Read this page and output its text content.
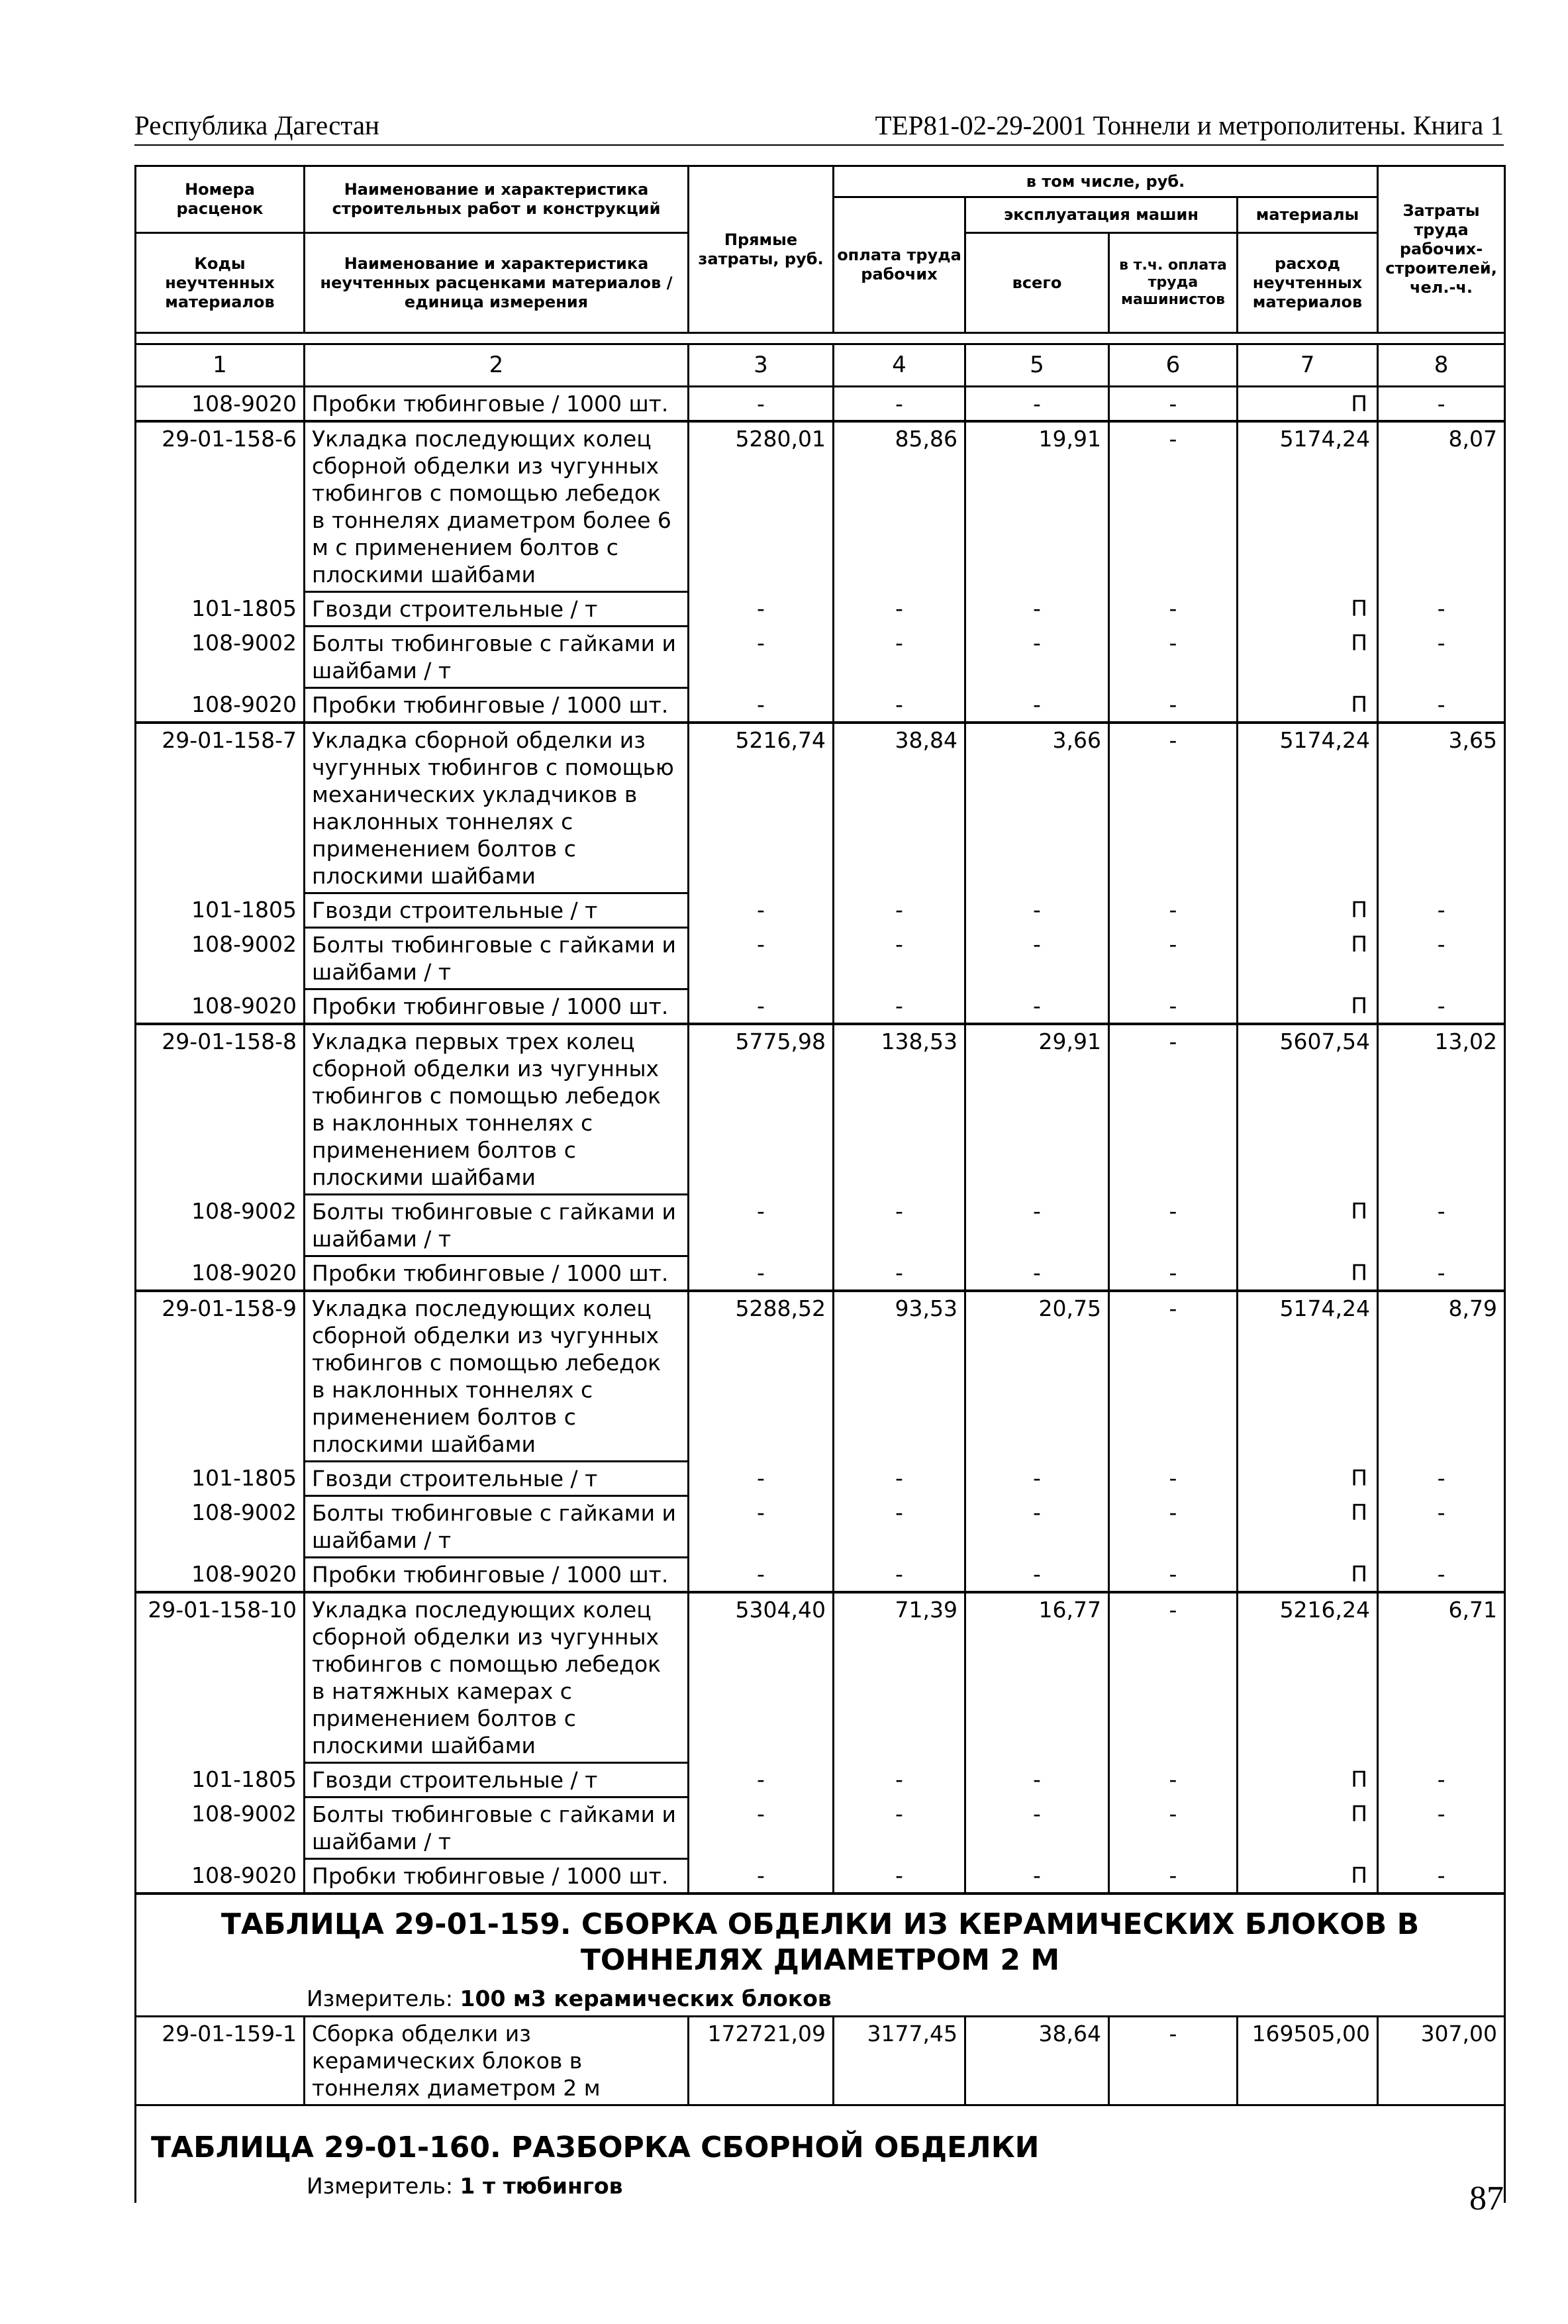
Республика Дагестан	ТЕР81-02-29-2001 Тоннели и метрополитены. Книга 1
Номера расценок	Наименование и характеристика строительных работ и конструкций	Прямые затраты, руб.	в том числе, руб.				Затраты труда рабочих-строителей, чел.-ч.
			оплата труда рабочих	эксплуатация машин		материалы	
Коды неучтенных материалов	Наименование и характеристика неучтенных расценками материалов / единица измерения			всего	в т.ч. оплата труда машинистов	расход неучтенных материалов	

1	2	3	4	5	6	7	8
108-9020	Пробки тюбинговые / 1000 шт.	-	-	-	-	П	-
29-01-158-6	Укладка последующих колец сборной обделки из чугунных тюбингов с помощью лебедок в тоннелях диаметром более 6 м с применением болтов с плоскими шайбами	5280,01	85,86	19,91	-	5174,24	8,07
101-1805	Гвозди строительные / т	-	-	-	-	П	-
108-9002	Болты тюбинговые с гайками и шайбами / т	-	-	-	-	П	-
108-9020	Пробки тюбинговые / 1000 шт.	-	-	-	-	П	-
29-01-158-7	Укладка сборной обделки из чугунных тюбингов с помощью механических укладчиков в наклонных тоннелях с применением болтов с плоскими шайбами	5216,74	38,84	3,66	-	5174,24	3,65
101-1805	Гвозди строительные / т	-	-	-	-	П	-
108-9002	Болты тюбинговые с гайками и шайбами / т	-	-	-	-	П	-
108-9020	Пробки тюбинговые / 1000 шт.	-	-	-	-	П	-
29-01-158-8	Укладка первых трех колец сборной обделки из чугунных тюбингов с помощью лебедок в наклонных тоннелях с применением болтов с плоскими шайбами	5775,98	138,53	29,91	-	5607,54	13,02
108-9002	Болты тюбинговые с гайками и шайбами / т	-	-	-	-	П	-
108-9020	Пробки тюбинговые / 1000 шт.	-	-	-	-	П	-
29-01-158-9	Укладка последующих колец сборной обделки из чугунных тюбингов с помощью лебедок в наклонных тоннелях с применением болтов с плоскими шайбами	5288,52	93,53	20,75	-	5174,24	8,79
101-1805	Гвозди строительные / т	-	-	-	-	П	-
108-9002	Болты тюбинговые с гайками и шайбами / т	-	-	-	-	П	-
108-9020	Пробки тюбинговые / 1000 шт.	-	-	-	-	П	-
29-01-158-10	Укладка последующих колец сборной обделки из чугунных тюбингов с помощью лебедок в натяжных камерах с применением болтов с плоскими шайбами	5304,40	71,39	16,77	-	5216,24	6,71
101-1805	Гвозди строительные / т	-	-	-	-	П	-
108-9002	Болты тюбинговые с гайками и шайбами / т	-	-	-	-	П	-
108-9020	Пробки тюбинговые / 1000 шт.	-	-	-	-	П	-
ТАБЛИЦА 29-01-159. СБОРКА ОБДЕЛКИ ИЗ КЕРАМИЧЕСКИХ БЛОКОВ В ТОННЕЛЯХ ДИАМЕТРОМ 2 М							
Измеритель: 100 м3 керамических блоков							
29-01-159-1	Сборка обделки из керамических блоков в тоннелях диаметром 2 м	172721,09	3177,45	38,64	-	169505,00	307,00
ТАБЛИЦА 29-01-160. РАЗБОРКА СБОРНОЙ ОБДЕЛКИ							
Измеритель: 1 т тюбингов								87
